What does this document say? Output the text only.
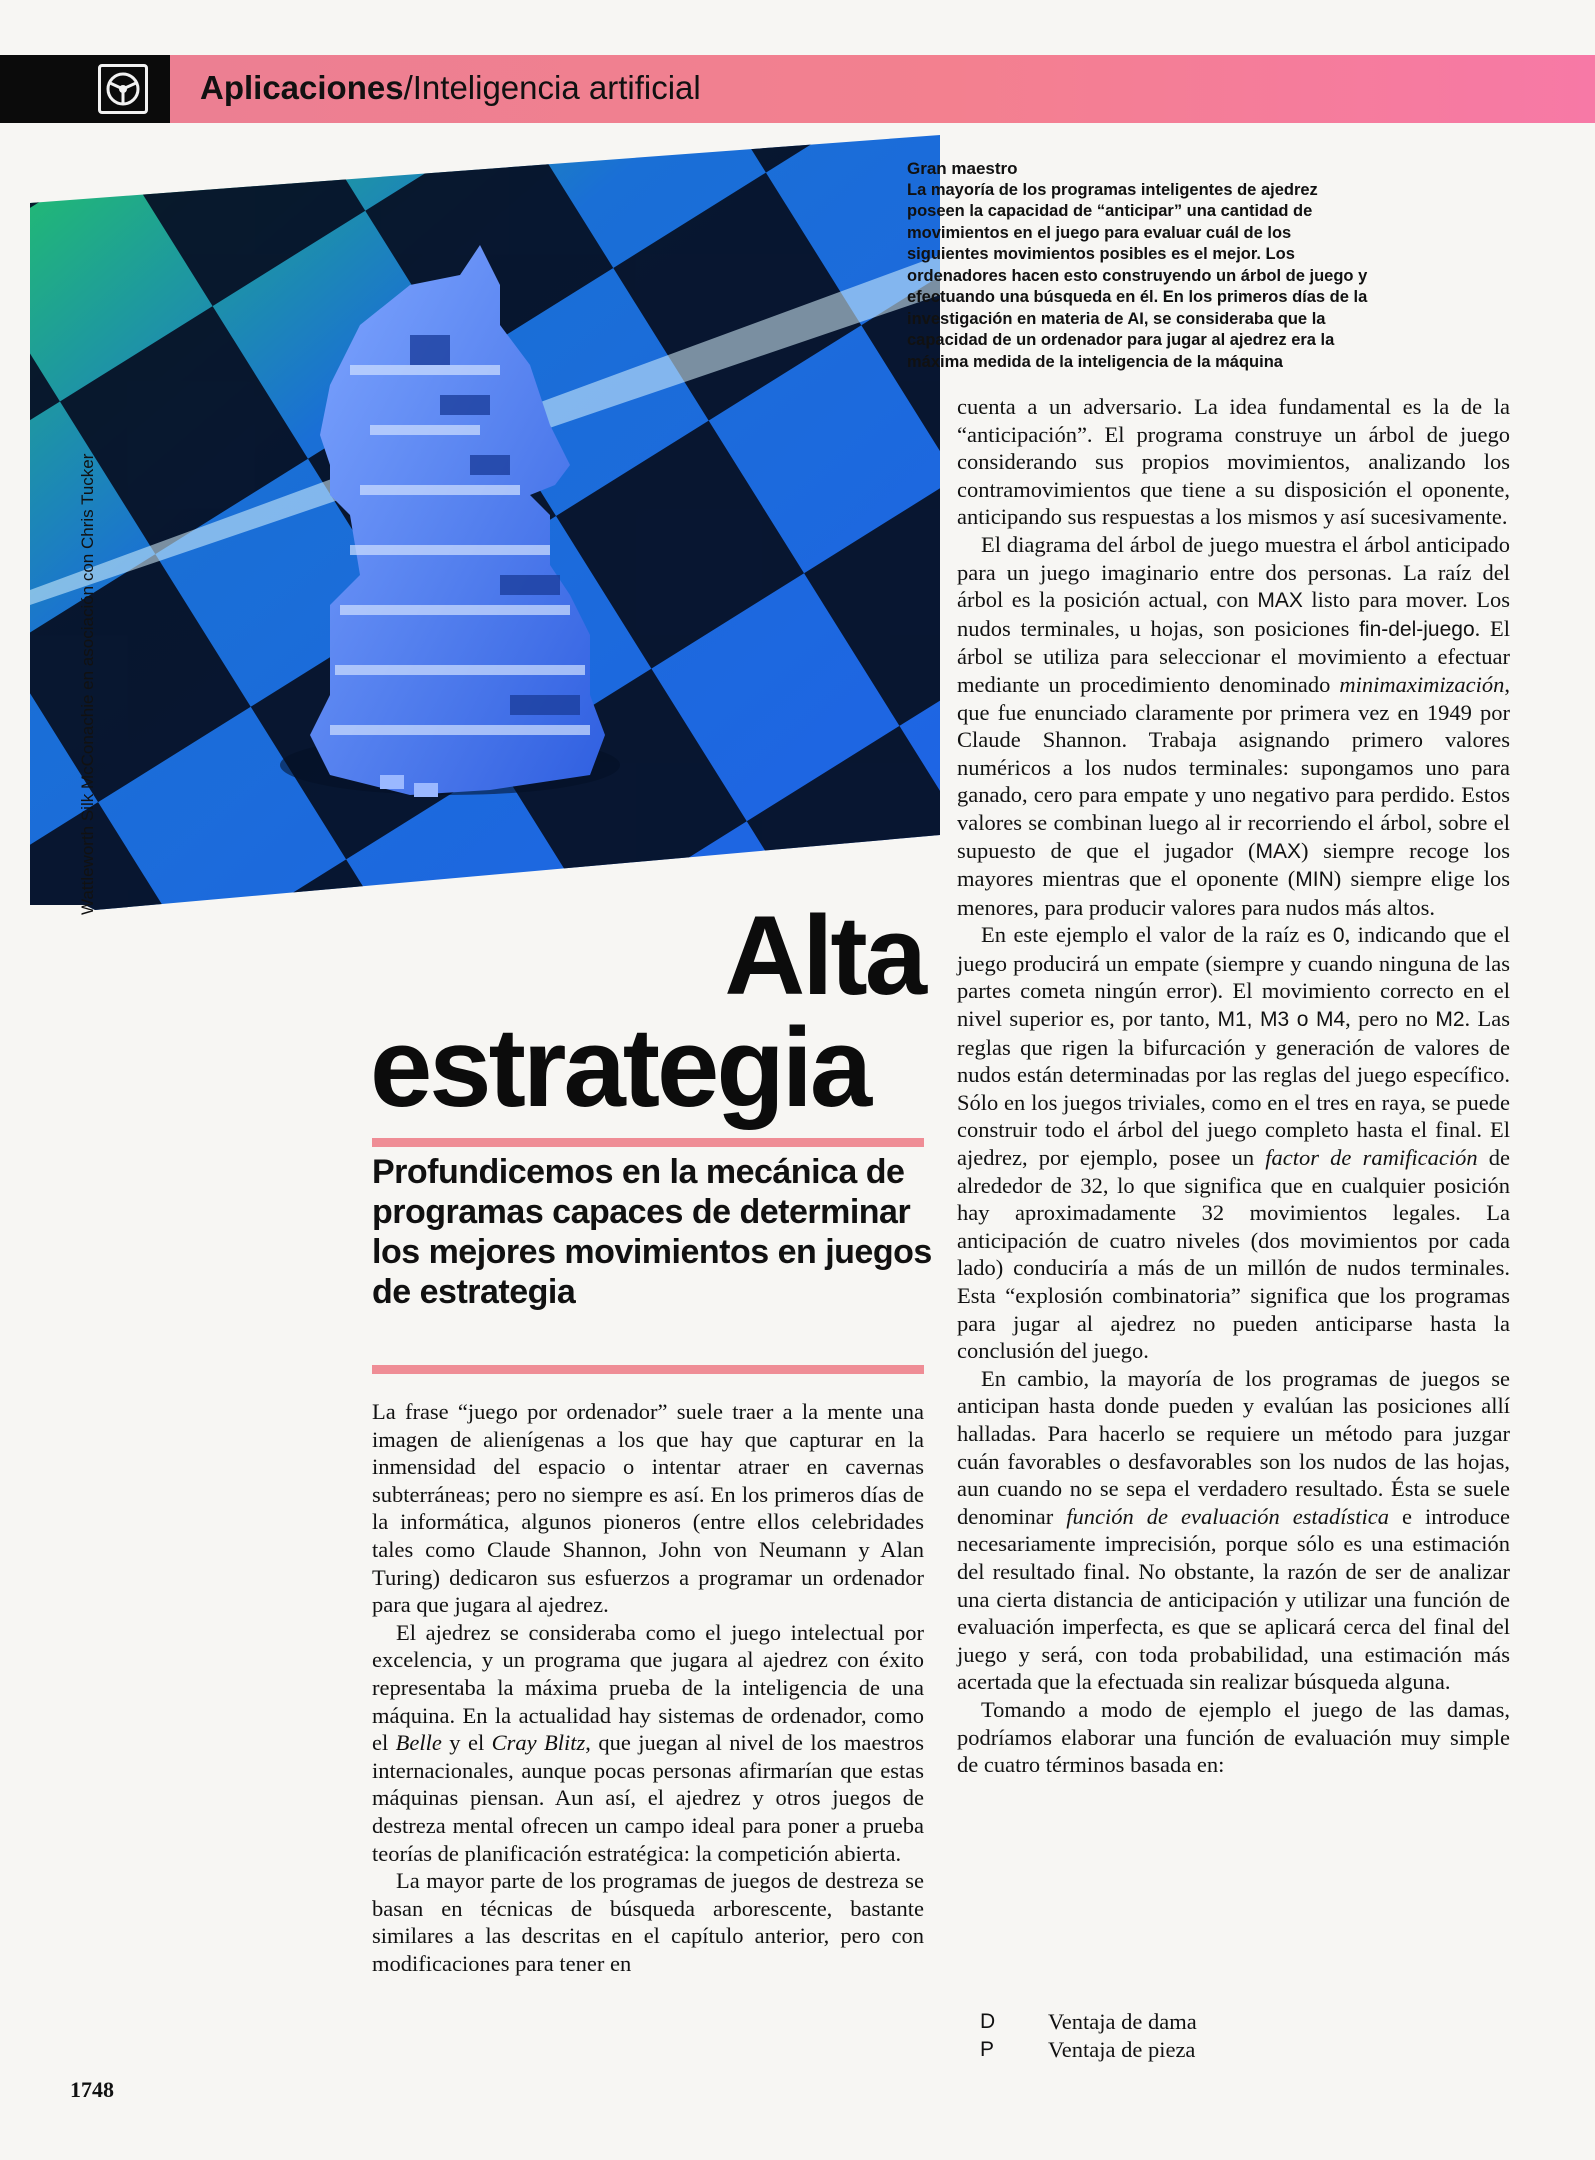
Aplicaciones/Inteligencia artificial
Wattleworth Silk McConachie en asociación con Chris Tucker
Gran maestro
La mayoría de los programas inteligentes de ajedrez poseen la capacidad de “anticipar” una cantidad de movimientos en el juego para evaluar cuál de los siguientes movimientos posibles es el mejor. Los ordenadores hacen esto construyendo un árbol de juego y efectuando una búsqueda en él. En los primeros días de la investigación en materia de AI, se consideraba que la capacidad de un ordenador para jugar al ajedrez era la máxima medida de la inteligencia de la máquina
Alta
estrategia
Profundicemos en la mecánica de programas capaces de determinar los mejores movimientos en juegos de estrategia

La frase “juego por ordenador” suele traer a la mente una imagen de alienígenas a los que hay que capturar en la inmensidad del espacio o intentar atraer en cavernas subterráneas; pero no siempre es así. En los primeros días de la informática, algunos pioneros (entre ellos celebridades tales como Claude Shannon, John von Neumann y Alan Turing) dedicaron sus esfuerzos a programar un ordenador para que jugara al ajedrez.

El ajedrez se consideraba como el juego intelectual por excelencia, y un programa que jugara al ajedrez con éxito representaba la máxima prueba de la inteligencia de una máquina. En la actualidad hay sistemas de ordenador, como el Belle y el Cray Blitz, que juegan al nivel de los maestros internacionales, aunque pocas personas afirmarían que estas máquinas piensan. Aun así, el ajedrez y otros juegos de destreza mental ofrecen un campo ideal para poner a prueba teorías de planificación estratégica: la competición abierta.

La mayor parte de los programas de juegos de destreza se basan en técnicas de búsqueda arborescente, bastante similares a las descritas en el capítulo anterior, pero con modificaciones para tener en

cuenta a un adversario. La idea fundamental es la de la “anticipación”. El programa construye un árbol de juego considerando sus propios movimientos, analizando los contramovimientos que tiene a su disposición el oponente, anticipando sus respuestas a los mismos y así sucesivamente.

El diagrama del árbol de juego muestra el árbol anticipado para un juego imaginario entre dos personas. La raíz del árbol es la posición actual, con MAX listo para mover. Los nudos terminales, u hojas, son posiciones fin-del-juego. El árbol se utiliza para seleccionar el movimiento a efectuar mediante un procedimiento denominado minimaximización, que fue enunciado claramente por primera vez en 1949 por Claude Shannon. Trabaja asignando primero valores numéricos a los nudos terminales: supongamos uno para ganado, cero para empate y uno negativo para perdido. Estos valores se combinan luego al ir recorriendo el árbol, sobre el supuesto de que el jugador (MAX) siempre recoge los mayores mientras que el oponente (MIN) siempre elige los menores, para producir valores para nudos más altos.

En este ejemplo el valor de la raíz es 0, indicando que el juego producirá un empate (siempre y cuando ninguna de las partes cometa ningún error). El movimiento correcto en el nivel superior es, por tanto, M1, M3 o M4, pero no M2. Las reglas que rigen la bifurcación y generación de valores de nudos están determinadas por las reglas del juego específico. Sólo en los juegos triviales, como en el tres en raya, se puede construir todo el árbol del juego completo hasta el final. El ajedrez, por ejemplo, posee un factor de ramificación de alrededor de 32, lo que significa que en cualquier posición hay aproximadamente 32 movimientos legales. La anticipación de cuatro niveles (dos movimientos por cada lado) conduciría a más de un millón de nudos terminales. Esta “explosión combinatoria” significa que los programas para jugar al ajedrez no pueden anticiparse hasta la conclusión del juego.

En cambio, la mayoría de los programas de juegos se anticipan hasta donde pueden y evalúan las posiciones allí halladas. Para hacerlo se requiere un método para juzgar cuán favorables o desfavorables son los nudos de las hojas, aun cuando no se sepa el verdadero resultado. Ésta se suele denominar función de evaluación estadística e introduce necesariamente imprecisión, porque sólo es una estimación del resultado final. No obstante, la razón de ser de analizar una cierta distancia de anticipación y utilizar una función de evaluación imperfecta, es que se aplicará cerca del final del juego y será, con toda probabilidad, una estimación más acertada que la efectuada sin realizar búsqueda alguna.

Tomando a modo de ejemplo el juego de las damas, podríamos elaborar una función de evaluación muy simple de cuatro términos basada en:

D	Ventaja de dama
P	Ventaja de pieza
1748
